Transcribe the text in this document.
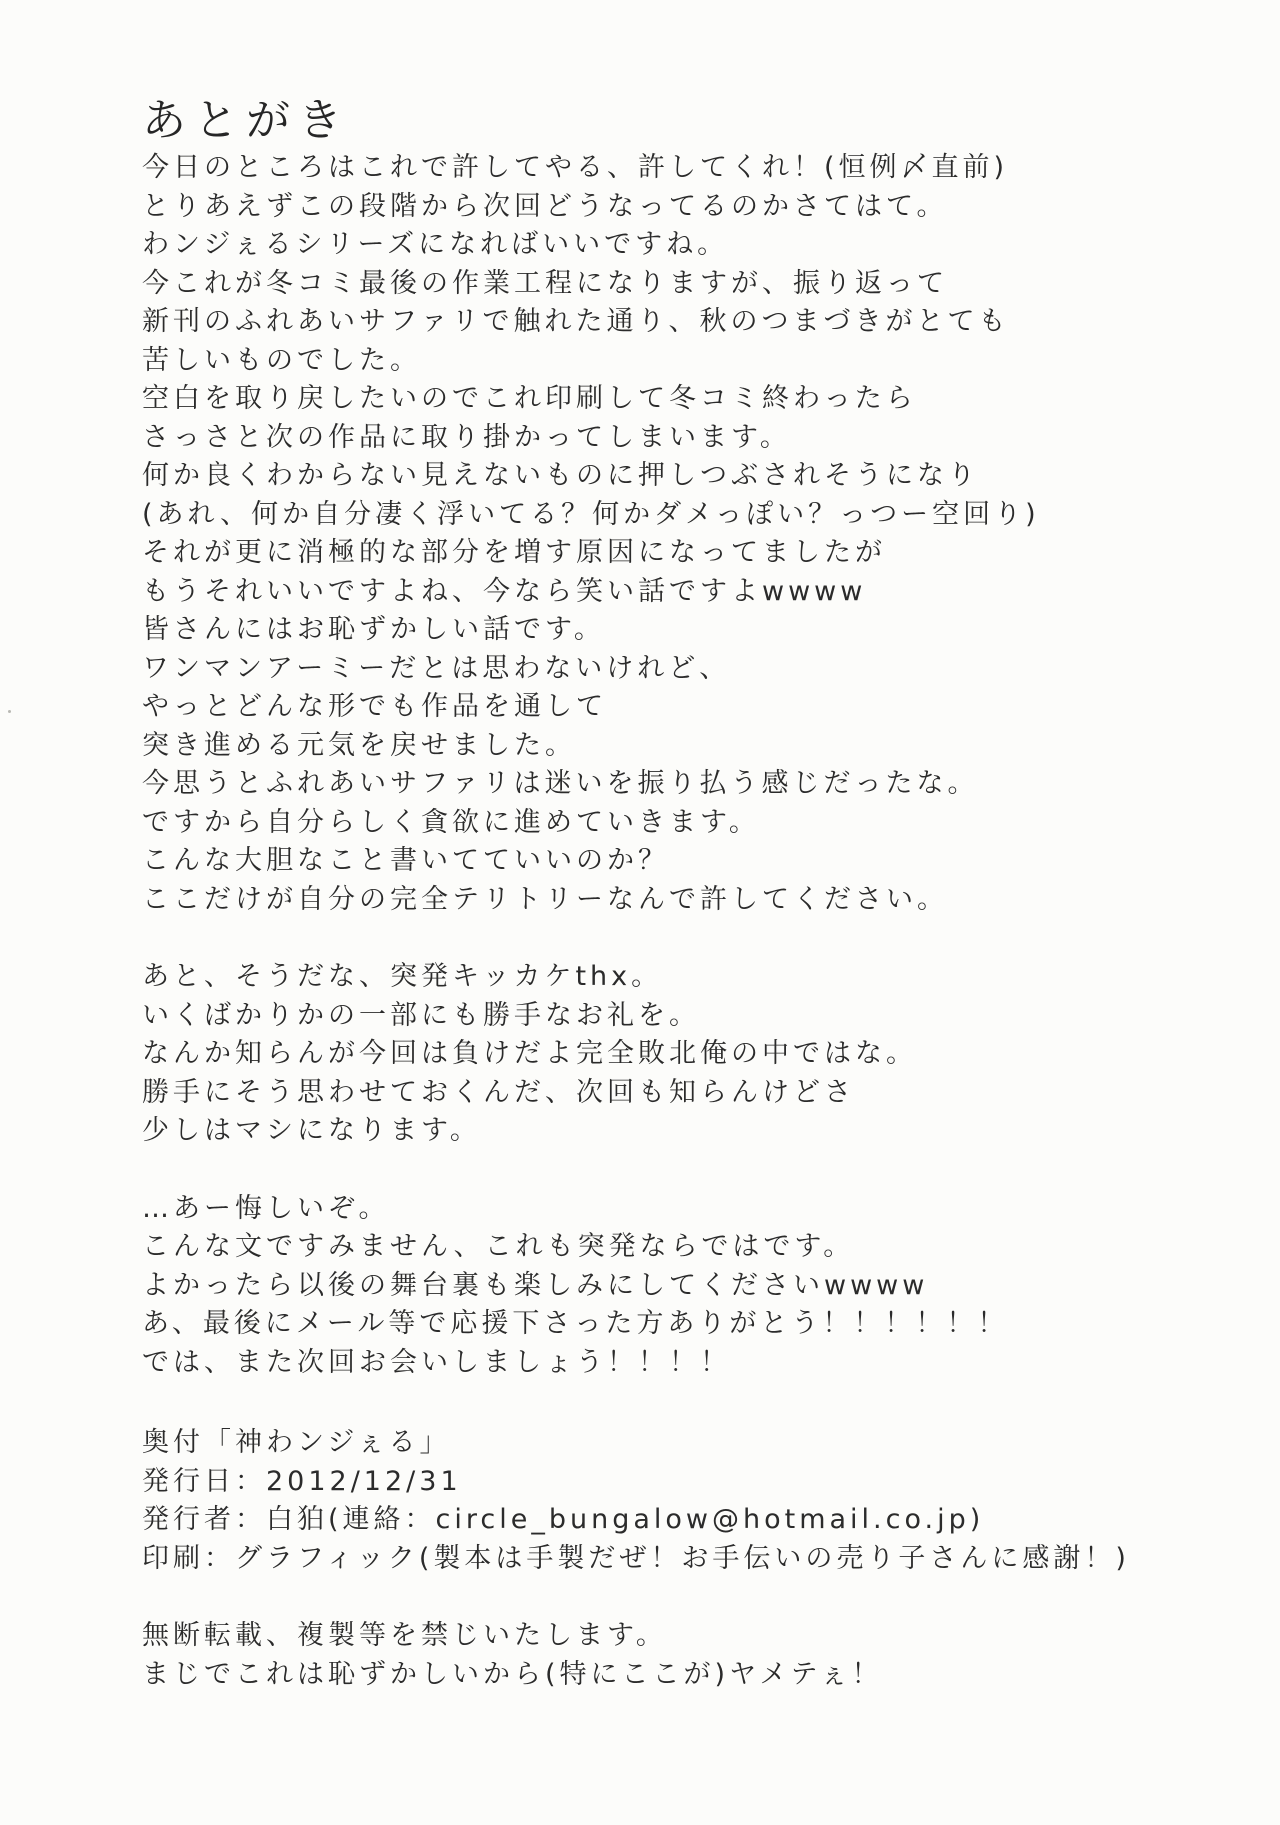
あとがき
今日のところはこれで許してやる、許してくれ！(恒例〆直前)
とりあえずこの段階から次回どうなってるのかさてはて。
わンジぇるシリーズになればいいですね。
今これが冬コミ最後の作業工程になりますが、振り返って
新刊のふれあいサファリで触れた通り、秋のつまづきがとても
苦しいものでした。
空白を取り戻したいのでこれ印刷して冬コミ終わったら
さっさと次の作品に取り掛かってしまいます。
何か良くわからない見えないものに押しつぶされそうになり
(あれ、何か自分凄く浮いてる？何かダメっぽい？っつー空回り)
それが更に消極的な部分を増す原因になってましたが
もうそれいいですよね、今なら笑い話ですよwwww
皆さんにはお恥ずかしい話です。
ワンマンアーミーだとは思わないけれど、
やっとどんな形でも作品を通して
突き進める元気を戻せました。
今思うとふれあいサファリは迷いを振り払う感じだったな。
ですから自分らしく貪欲に進めていきます。
こんな大胆なこと書いてていいのか？
ここだけが自分の完全テリトリーなんで許してください。
あと、そうだな、突発キッカケthx。
いくばかりかの一部にも勝手なお礼を。
なんか知らんが今回は負けだよ完全敗北俺の中ではな。
勝手にそう思わせておくんだ、次回も知らんけどさ
少しはマシになります。
…あー悔しいぞ。
こんな文ですみません、これも突発ならではです。
よかったら以後の舞台裏も楽しみにしてくださいwwww
あ、最後にメール等で応援下さった方ありがとう！！！！！！
では、また次回お会いしましょう！！！！
奥付「神わンジぇる」
発行日：2012/12/31
発行者：白狛(連絡：circle_bungalow@hotmail.co.jp)
印刷：グラフィック(製本は手製だぜ！お手伝いの売り子さんに感謝！)
無断転載、複製等を禁じいたします。
まじでこれは恥ずかしいから(特にここが)ヤメテぇ！
